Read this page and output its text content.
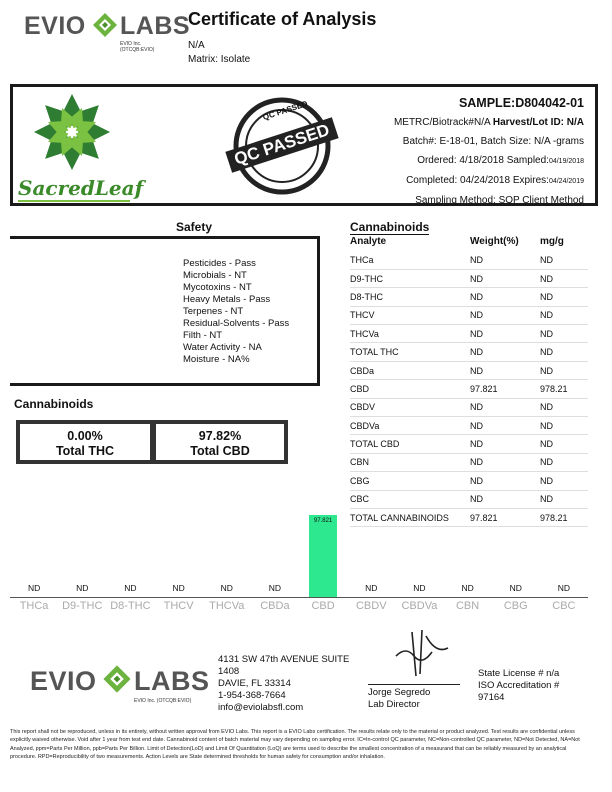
EVIO LABS
EVIO Inc. (OTCQB:EVIO)
Certificate of Analysis
N/A
Matrix: Isolate
SacredLeaf
QC PASSED
QC PASSED
SAMPLE:D804042-01
METRC/Biotrack#N/A Harvest/Lot ID: N/A
Batch#: E-18-01, Batch Size: N/A -grams
Ordered: 4/18/2018 Sampled:04/19/2018
Completed: 04/24/2018 Expires:04/24/2019
Sampling Method: SOP Client Method
Safety
Pesticides - Pass
Microbials - NT
Mycotoxins - NT
Heavy Metals - Pass
Terpenes - NT
Residual-Solvents - Pass
Filth - NT
Water Activity - NA
Moisture - NA%
Cannabinoids
0.00%
Total THC
97.82%
Total CBD
Cannabinoids
Analyte	Weight(%)	mg/g
THCa	ND	ND
D9-THC	ND	ND
D8-THC	ND	ND
THCV	ND	ND
THCVa	ND	ND
TOTAL THC	ND	ND
CBDa	ND	ND
CBD	97.821	978.21
CBDV	ND	ND
CBDVa	ND	ND
TOTAL CBD	ND	ND
CBN	ND	ND
CBG	ND	ND
CBC	ND	ND
TOTAL CANNABINOIDS	97.821	978.21
ND
THCa
ND
D9-THC
ND
D8-THC
ND
THCV
ND
THCVa
ND
CBDa
97.821
CBD
ND
CBDV
ND
CBDVa
ND
CBN
ND
CBG
ND
CBC
EVIO LABS
EVIO Inc. (OTCQB:EVIO)
4131 SW 47th AVENUE SUITE
1408
DAVIE, FL 33314
1-954-368-7664
info@eviolabsfl.com
Jorge Segredo
Lab Director
State License # n/a
ISO Accreditation #
97164
This report shall not be reproduced, unless in its entirety, without written approval from EVIO Labs. This report is a EVIO Labs certification. The results relate only to the material or product analyzed. Test results are confidential unless explicitly waived otherwise. Void after 1 year from test end date. Cannabinoid content of batch material may vary depending on sampling error. IC=In-control QC parameter, NC=Non-controlled QC parameter, ND=Not Detected, NA=Not Analyzed, ppm=Parts Per Million, ppb=Parts Per Billion. Limit of Detection(LoD) and Limit Of Quantitation (LoQ) are terms used to describe the smallest concentration of a measurand that can be reliably measured by an analytical procedure. RPD=Reproducibility of two measurements. Action Levels are State determined thresholds for human safety for consumption and/or inhalation.
